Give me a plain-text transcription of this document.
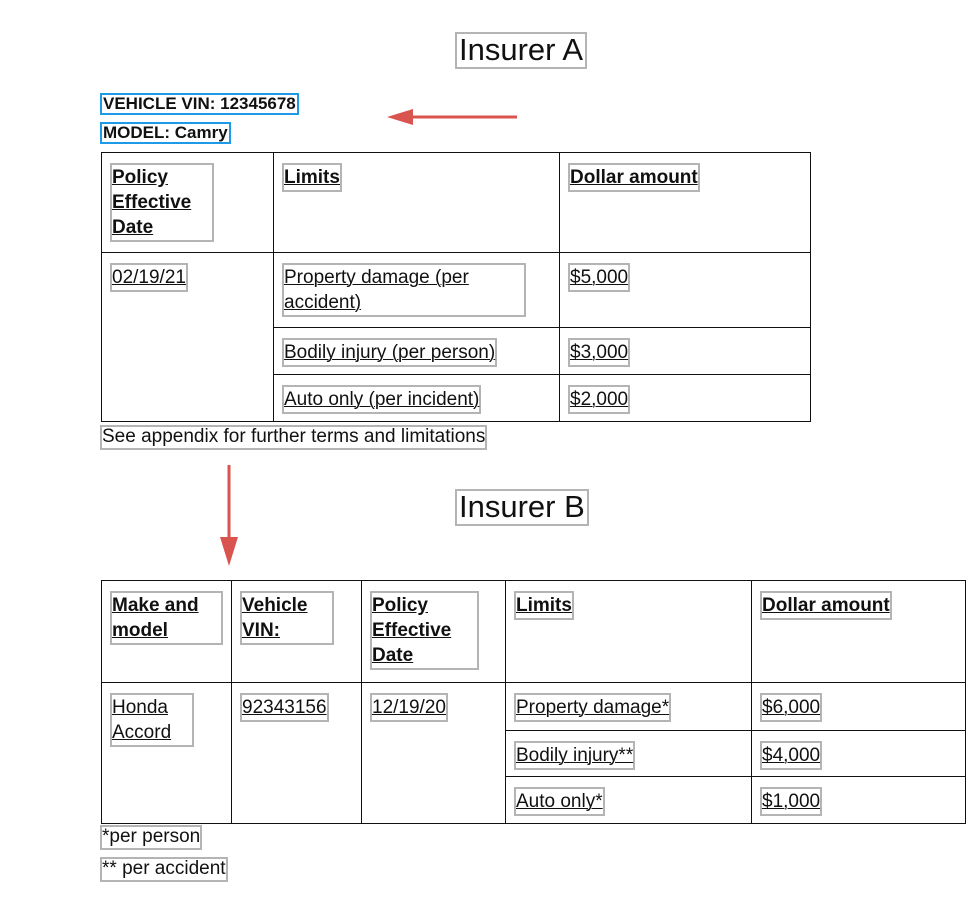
Insurer A
VEHICLE VIN: 12345678
MODEL: Camry
Policy Effective Date	Limits	Dollar amount
02/19/21	Property damage (per accident)	$5,000
	Bodily injury (per person)	$3,000
	Auto only (per incident)	$2,000
See appendix for further terms and limitations
Insurer B
Make and model	Vehicle VIN:	Policy Effective Date	Limits	Dollar amount
Honda Accord	92343156	12/19/20	Property damage*	$6,000
			Bodily injury**	$4,000
			Auto only*	$1,000
*per person
** per accident
